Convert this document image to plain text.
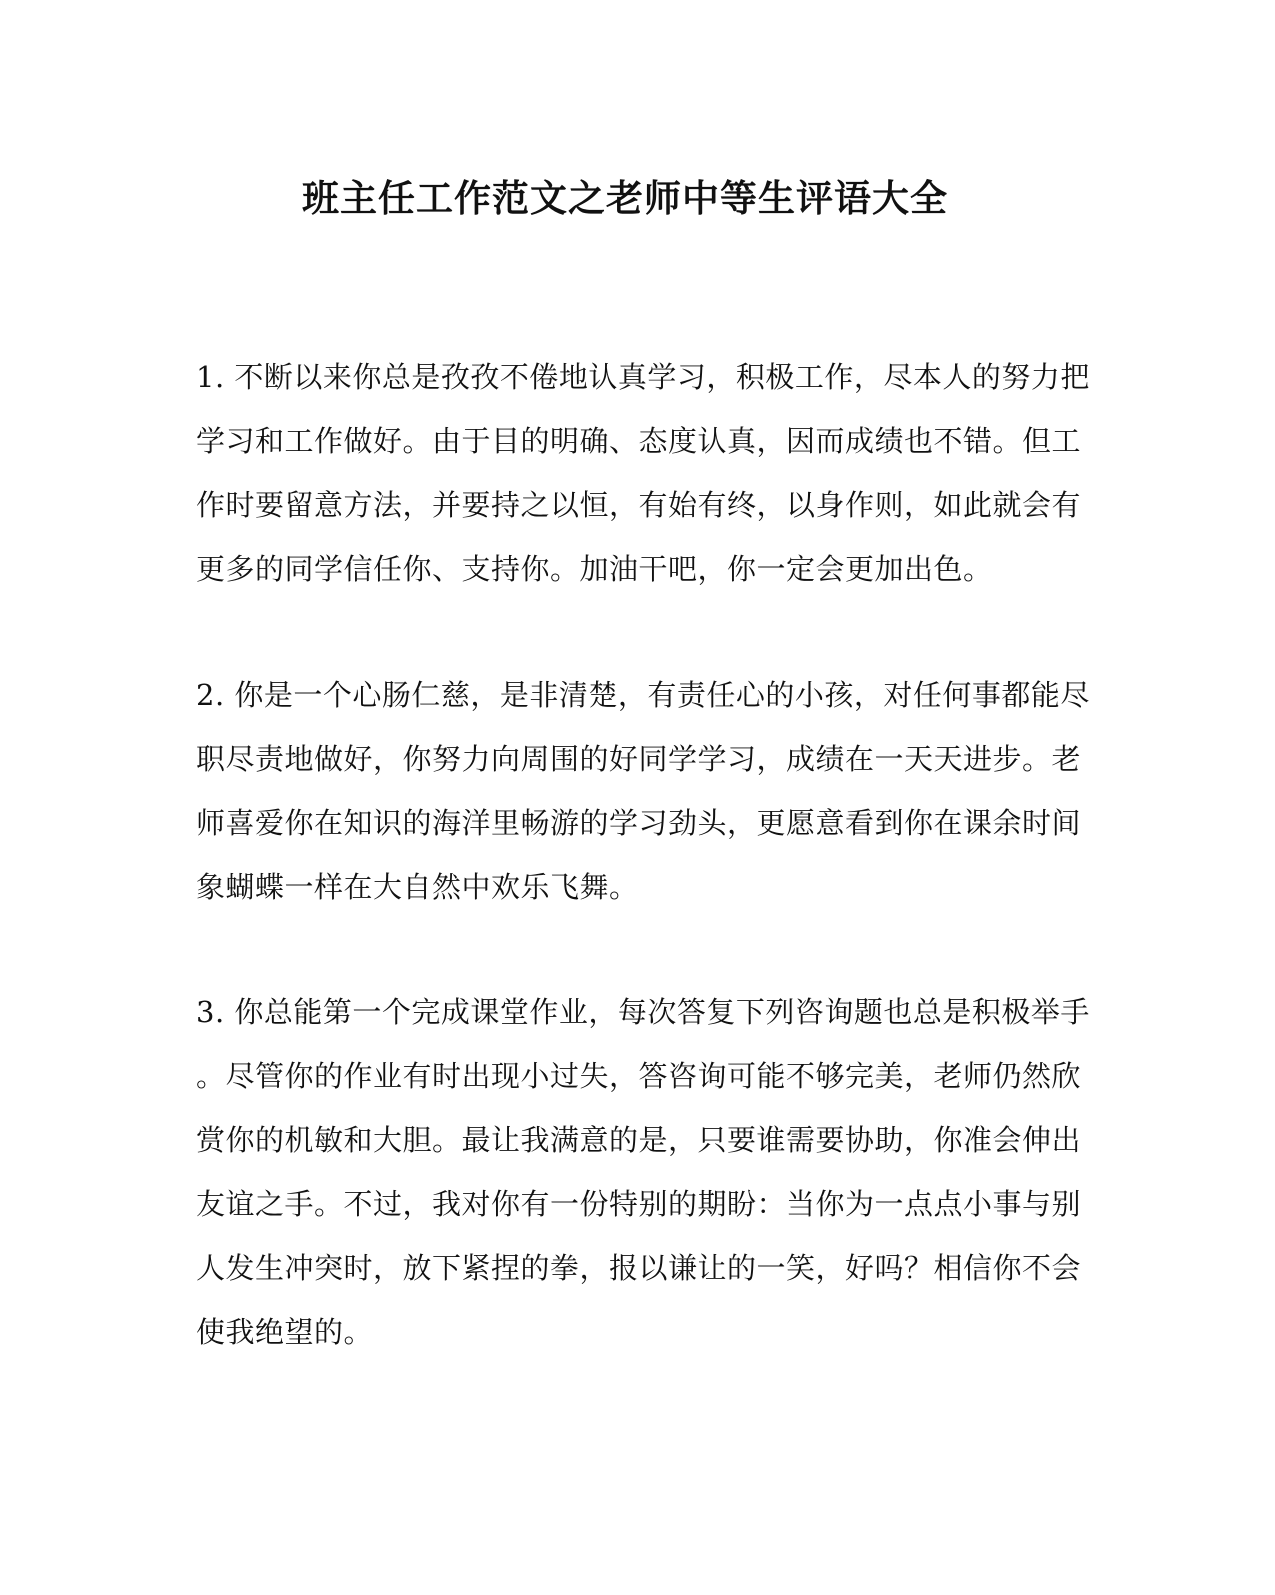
班主任工作范文之老师中等生评语大全
1. 不断以来你总是孜孜不倦地认真学习，积极工作，尽本人的努力把
学习和工作做好。由于目的明确、态度认真，因而成绩也不错。但工
作时要留意方法，并要持之以恒，有始有终，以身作则，如此就会有
更多的同学信任你、支持你。加油干吧，你一定会更加出色。
2. 你是一个心肠仁慈，是非清楚，有责任心的小孩，对任何事都能尽
职尽责地做好，你努力向周围的好同学学习，成绩在一天天进步。老
师喜爱你在知识的海洋里畅游的学习劲头，更愿意看到你在课余时间
象蝴蝶一样在大自然中欢乐飞舞。
3. 你总能第一个完成课堂作业，每次答复下列咨询题也总是积极举手
。尽管你的作业有时出现小过失，答咨询可能不够完美，老师仍然欣
赏你的机敏和大胆。最让我满意的是，只要谁需要协助，你准会伸出
友谊之手。不过，我对你有一份特别的期盼：当你为一点点小事与别
人发生冲突时，放下紧捏的拳，报以谦让的一笑，好吗？相信你不会
使我绝望的。
